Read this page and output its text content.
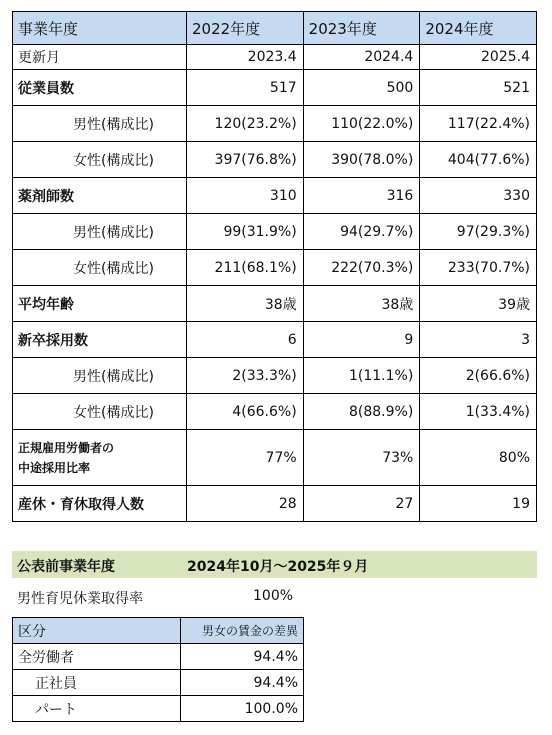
事業年度	2022年度	2023年度	2024年度
更新月	2023.4	2024.4	2025.4
従業員数	517	500	521
男性(構成比)	120(23.2%)	110(22.0%)	117(22.4%)
女性(構成比)	397(76.8%)	390(78.0%)	404(77.6%)
薬剤師数	310	316	330
男性(構成比)	99(31.9%)	94(29.7%)	97(29.3%)
女性(構成比)	211(68.1%)	222(70.3%)	233(70.7%)
平均年齢	38歳	38歳	39歳
新卒採用数	6	9	3
男性(構成比)	2(33.3%)	1(11.1%)	2(66.6%)
女性(構成比)	4(66.6%)	8(88.9%)	1(33.4%)

正規雇用労働者の
中途採用比率	77%	73%	80%
産休・育休取得人数	28	27	19
公表前事業年度	2024年10月～2025年９月
男性育児休業取得率	100%
区分	男女の賃金の差異
全労働者	94.4%
正社員	94.4%
パート	100.0%
